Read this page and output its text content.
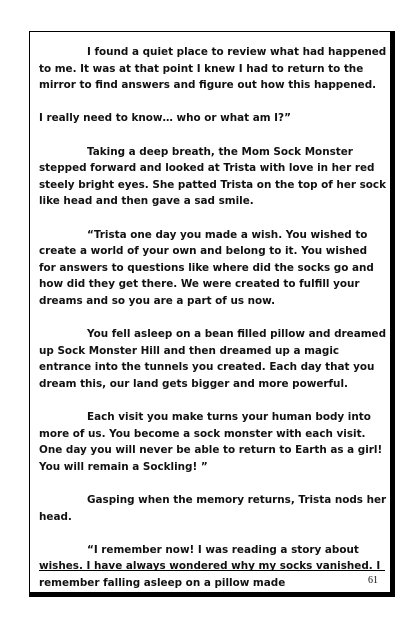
I found a quiet place to review what had happened to me. It was at that point I knew I had to return to the mirror to find answers and figure out how this happened.

I really need to know… who or what am I?”

Taking a deep breath, the Mom Sock Monster stepped forward and looked at Trista with love in her red steely bright eyes. She patted Trista on the top of her sock like head and then gave a sad smile.

“Trista one day you made a wish. You wished to create a world of your own and belong to it. You wished for answers to questions like where did the socks go and how did they get there. We were created to fulfill your dreams and so you are a part of us now.

You fell asleep on a bean filled pillow and dreamed up Sock Monster Hill and then dreamed up a magic entrance into the tunnels you created. Each day that you dream this, our land gets bigger and more powerful.

Each visit you make turns your human body into more of us. You become a sock monster with each visit. One day you will never be able to return to Earth as a girl! You will remain a Sockling! ”

Gasping when the memory returns, Trista nods her head.

“I remember now! I was reading a story about wishes. I have always wondered why my socks vanished. I remember falling asleep on a pillow made	61
